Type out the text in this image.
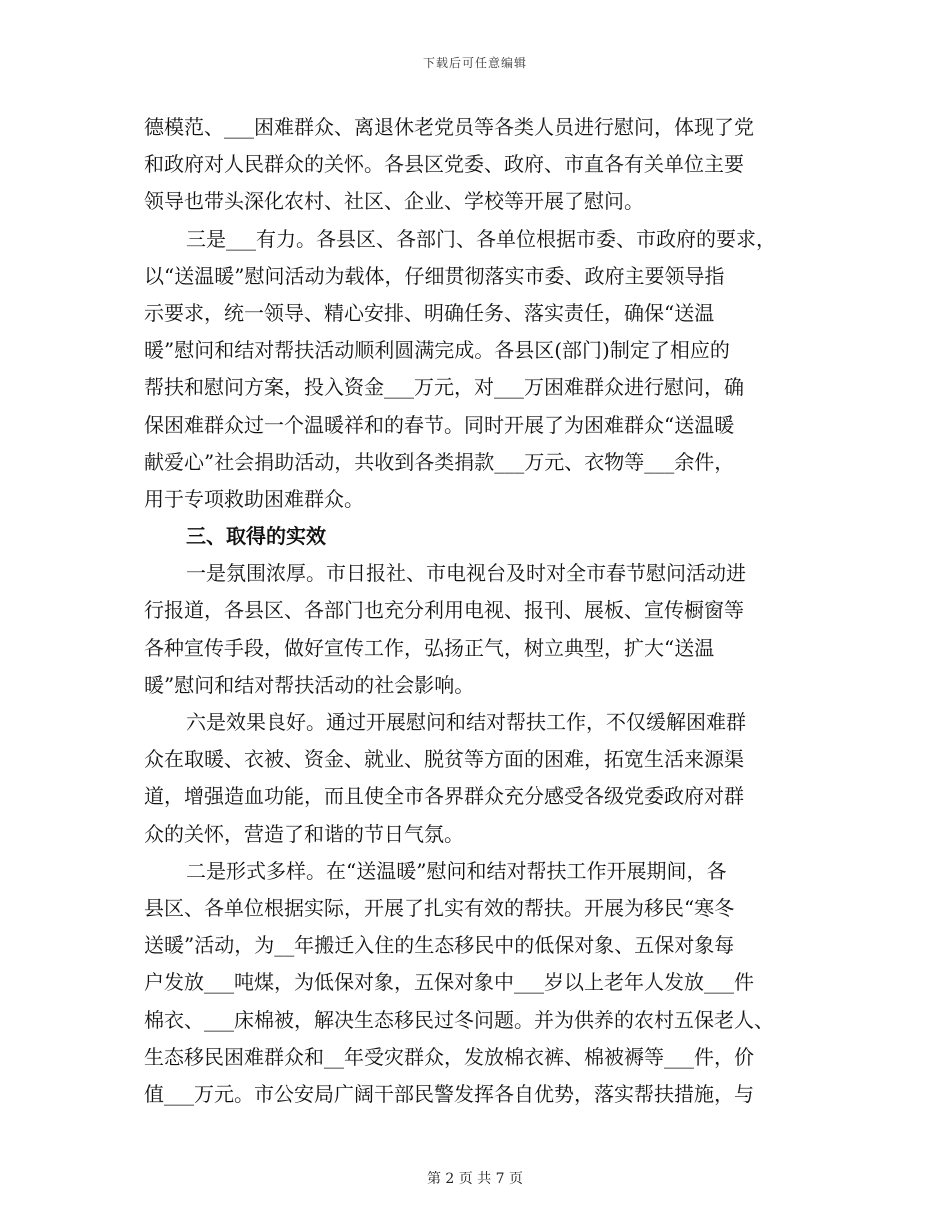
下载后可任意编辑
德模范、___困难群众、离退休老党员等各类人员进行慰问，体现了党
和政府对人民群众的关怀。各县区党委、政府、市直各有关单位主要
领导也带头深化农村、社区、企业、学校等开展了慰问。
三是___有力。各县区、各部门、各单位根据市委、市政府的要求，
以“送温暖”慰问活动为载体，仔细贯彻落实市委、政府主要领导指
示要求，统一领导、精心安排、明确任务、落实责任，确保“送温
暖”慰问和结对帮扶活动顺利圆满完成。各县区(部门)制定了相应的
帮扶和慰问方案，投入资金___万元，对___万困难群众进行慰问，确
保困难群众过一个温暖祥和的春节。同时开展了为困难群众“送温暖
献爱心”社会捐助活动，共收到各类捐款___万元、衣物等___余件，
用于专项救助困难群众。
三、取得的实效
一是氛围浓厚。市日报社、市电视台及时对全市春节慰问活动进
行报道，各县区、各部门也充分利用电视、报刊、展板、宣传橱窗等
各种宣传手段，做好宣传工作，弘扬正气，树立典型，扩大“送温
暖”慰问和结对帮扶活动的社会影响。
六是效果良好。通过开展慰问和结对帮扶工作，不仅缓解困难群
众在取暖、衣被、资金、就业、脱贫等方面的困难，拓宽生活来源渠
道，增强造血功能，而且使全市各界群众充分感受各级党委政府对群
众的关怀，营造了和谐的节日气氛。
二是形式多样。在“送温暖”慰问和结对帮扶工作开展期间，各
县区、各单位根据实际，开展了扎实有效的帮扶。开展为移民“寒冬
送暖”活动，为__年搬迁入住的生态移民中的低保对象、五保对象每
户发放___吨煤，为低保对象，五保对象中___岁以上老年人发放___件
棉衣、___床棉被，解决生态移民过冬问题。并为供养的农村五保老人、
生态移民困难群众和__年受灾群众，发放棉衣裤、棉被褥等___件，价
值___万元。市公安局广阔干部民警发挥各自优势，落实帮扶措施，与
第 2 页 共 7 页
